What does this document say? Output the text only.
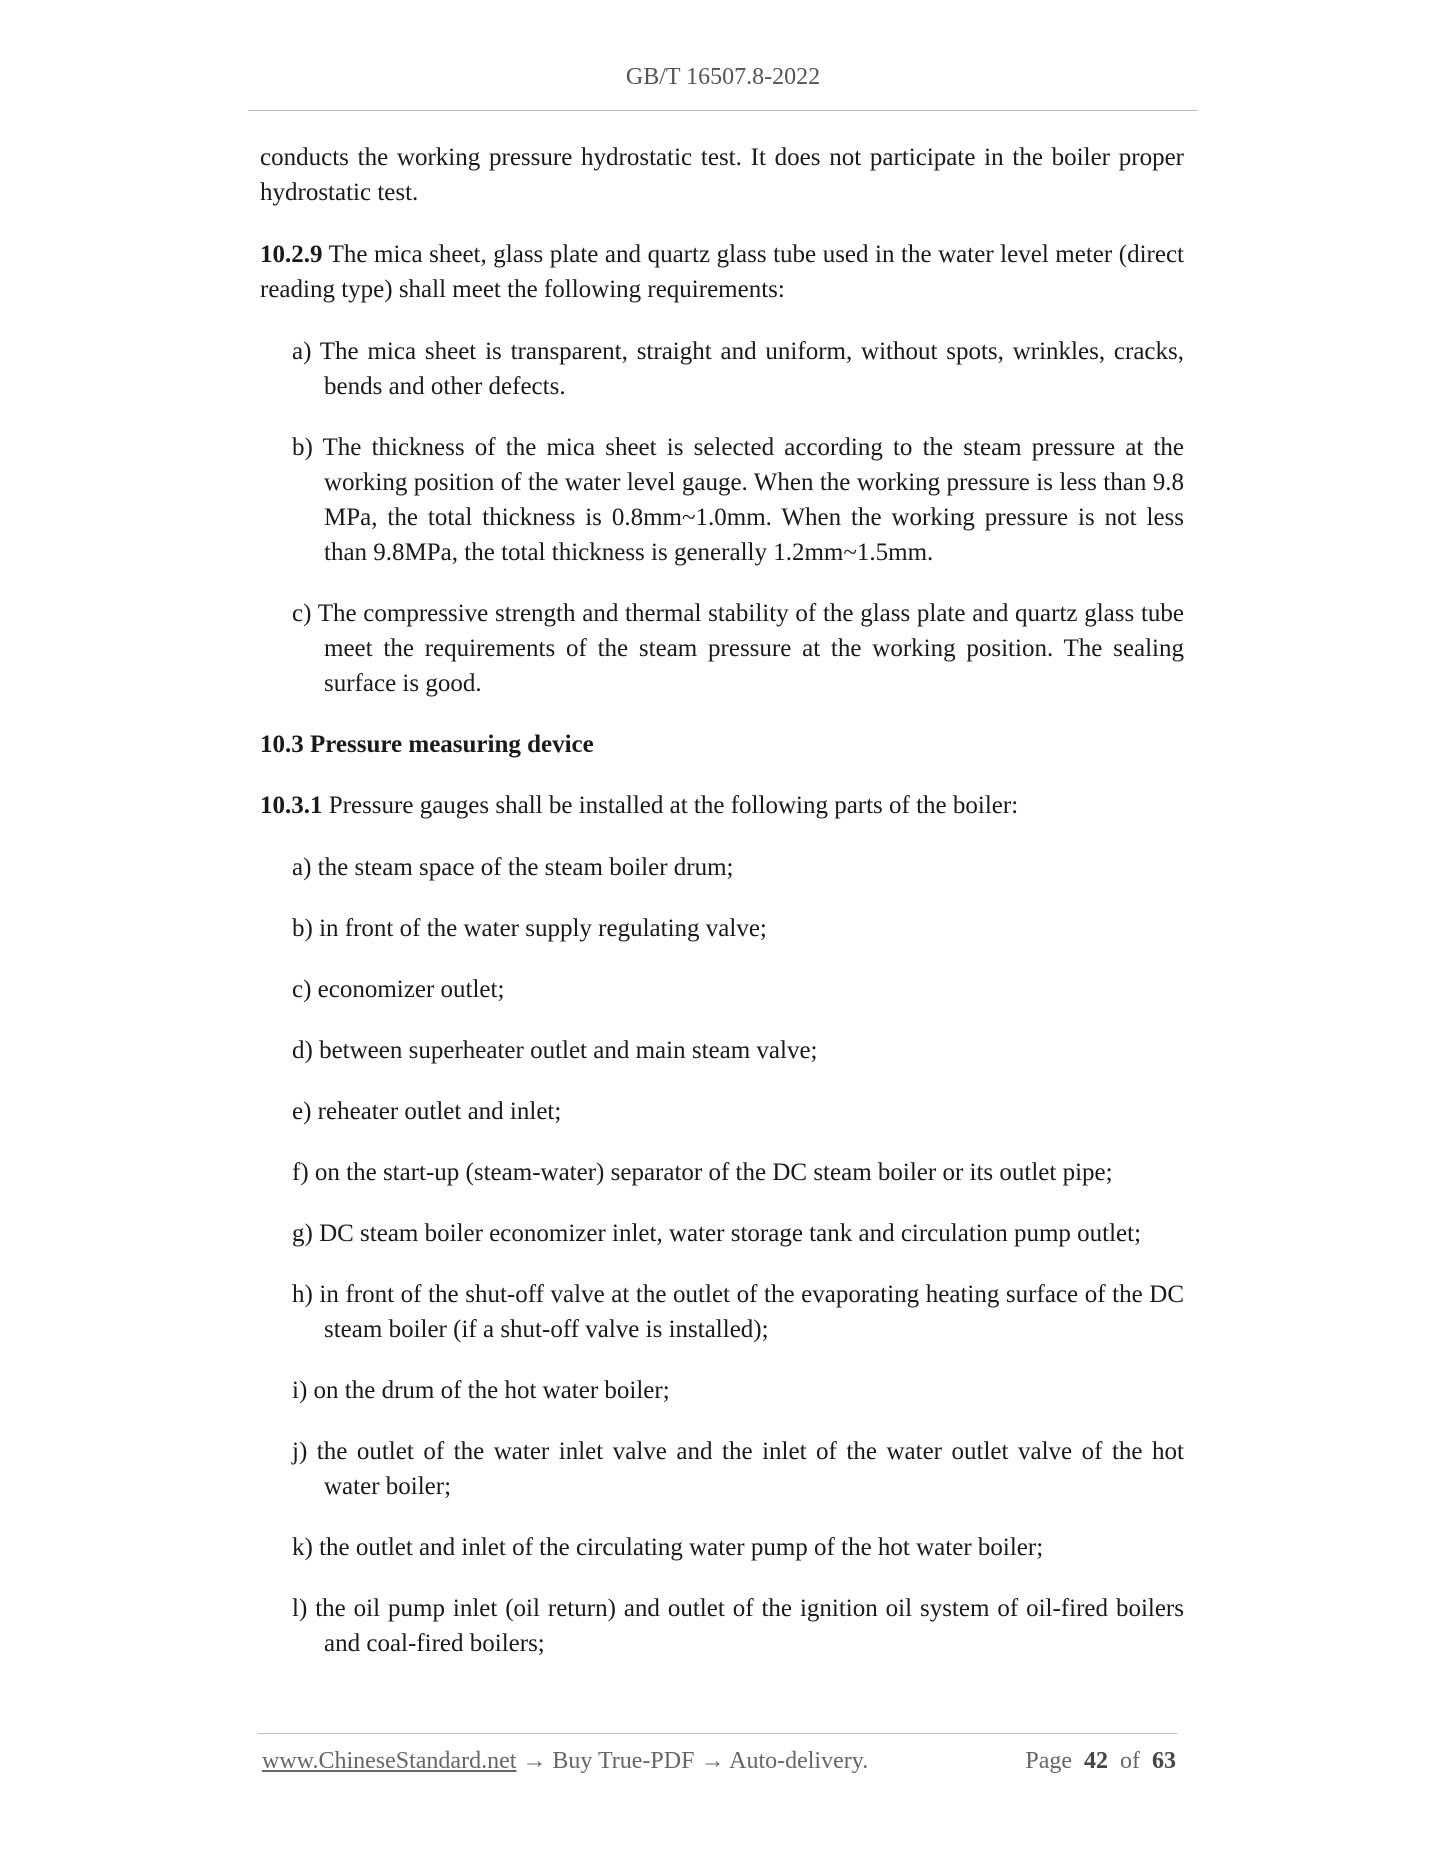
GB/T 16507.8-2022

conducts the working pressure hydrostatic test. It does not participate in the boiler proper hydrostatic test.

10.2.9 The mica sheet, glass plate and quartz glass tube used in the water level meter (direct reading type) shall meet the following requirements:

a) The mica sheet is transparent, straight and uniform, without spots, wrinkles, cracks, bends and other defects.
b) The thickness of the mica sheet is selected according to the steam pressure at the working position of the water level gauge. When the working pressure is less than 9.8 MPa, the total thickness is 0.8mm~1.0mm. When the working pressure is not less than 9.8MPa, the total thickness is generally 1.2mm~1.5mm.
c) The compressive strength and thermal stability of the glass plate and quartz glass tube meet the requirements of the steam pressure at the working position. The sealing surface is good.

10.3 Pressure measuring device

10.3.1 Pressure gauges shall be installed at the following parts of the boiler:

a) the steam space of the steam boiler drum;
b) in front of the water supply regulating valve;
c) economizer outlet;
d) between superheater outlet and main steam valve;
e) reheater outlet and inlet;
f) on the start-up (steam-water) separator of the DC steam boiler or its outlet pipe;
g) DC steam boiler economizer inlet, water storage tank and circulation pump outlet;
h) in front of the shut-off valve at the outlet of the evaporating heating surface of the DC steam boiler (if a shut-off valve is installed);
i) on the drum of the hot water boiler;
j) the outlet of the water inlet valve and the inlet of the water outlet valve of the hot water boiler;
k) the outlet and inlet of the circulating water pump of the hot water boiler;
l) the oil pump inlet (oil return) and outlet of the ignition oil system of oil-fired boilers and coal-fired boilers;
www.ChineseStandard.net → Buy True-PDF → Auto-delivery.	Page 42 of 63
